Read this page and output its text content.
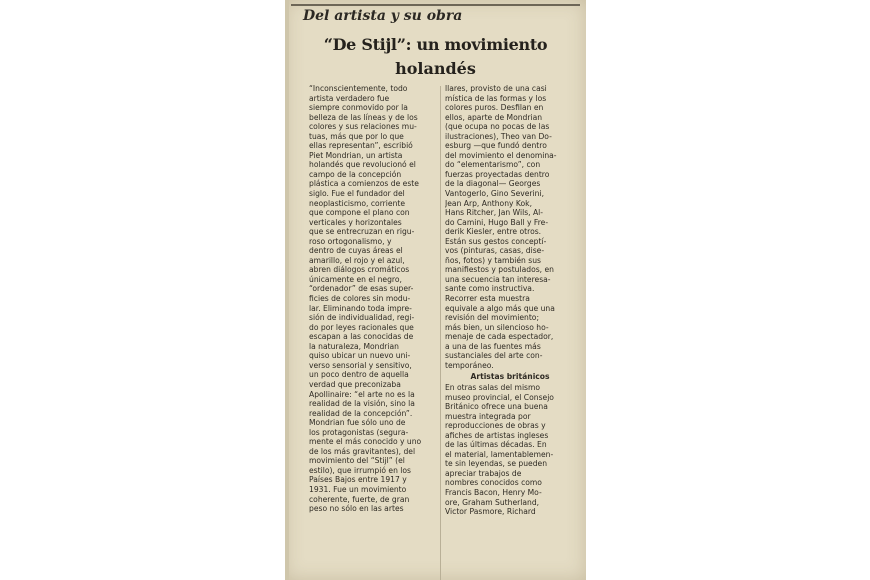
Del artista y su obra
“De Stijl”: un movimiento
holandés
“Inconscientemente, todo
artista verdadero fue
siempre conmovido por la
belleza de las líneas y de los
colores y sus relaciones mu-
tuas, más que por lo que
ellas representan”, escribió
Piet Mondrian, un artista
holandés que revolucionó el
campo de la concepción
plástica a comienzos de este
siglo. Fue el fundador del
neoplasticismo, corriente
que compone el plano con
verticales y horizontales
que se entrecruzan en rigu-
roso ortogonalismo, y
dentro de cuyas áreas el
amarillo, el rojo y el azul,
abren diálogos cromáticos
únicamente en el negro,
“ordenador” de esas super-
ficies de colores sin modu-
lar. Eliminando toda impre-
sión de individualidad, regi-
do por leyes racionales que
escapan a las conocidas de
la naturaleza, Mondrian
quiso ubicar un nuevo uni-
verso sensorial y sensitivo,
un poco dentro de aquella
verdad que preconizaba
Apollinaire: “el arte no es la
realidad de la visión, sino la
realidad de la concepción”.
Mondrian fue sólo uno de
los protagonistas (segura-
mente el más conocido y uno
de los más gravitantes), del
movimiento del “Stijl” (el
estilo), que irrumpió en los
Países Bajos entre 1917 y
1931. Fue un movimiento
coherente, fuerte, de gran
peso no sólo en las artes
llares, provisto de una casi
mística de las formas y los
colores puros. Desfilan en
ellos, aparte de Mondrian
(que ocupa no pocas de las
ilustraciones), Theo van Do-
esburg —que fundó dentro
del movimiento el denomina-
do “elementarismo”, con
fuerzas proyectadas dentro
de la diagonal— Georges
Vantogerlo, Gino Severini,
Jean Arp, Anthony Kok,
Hans Ritcher, Jan Wils, Al-
do Camini, Hugo Ball y Fre-
derik Kiesler, entre otros.
Están sus gestos conceptí-
vos (pinturas, casas, dise-
ños, fotos) y también sus
manifiestos y postulados, en
una secuencia tan interesa-
sante como instructiva.
Recorrer esta muestra
equivale a algo más que una
revisión del movimiento;
más bien, un silencioso ho-
menaje de cada espectador,
a una de las fuentes más
sustanciales del arte con-
temporáneo.
Artistas británicos
En otras salas del mismo
museo provincial, el Consejo
Británico ofrece una buena
muestra integrada por
reproducciones de obras y
afiches de artistas ingleses
de las últimas décadas. En
el material, lamentablemen-
te sin leyendas, se pueden
apreciar trabajos de
nombres conocidos como
Francis Bacon, Henry Mo-
ore, Graham Sutherland,
Victor Pasmore, Richard
